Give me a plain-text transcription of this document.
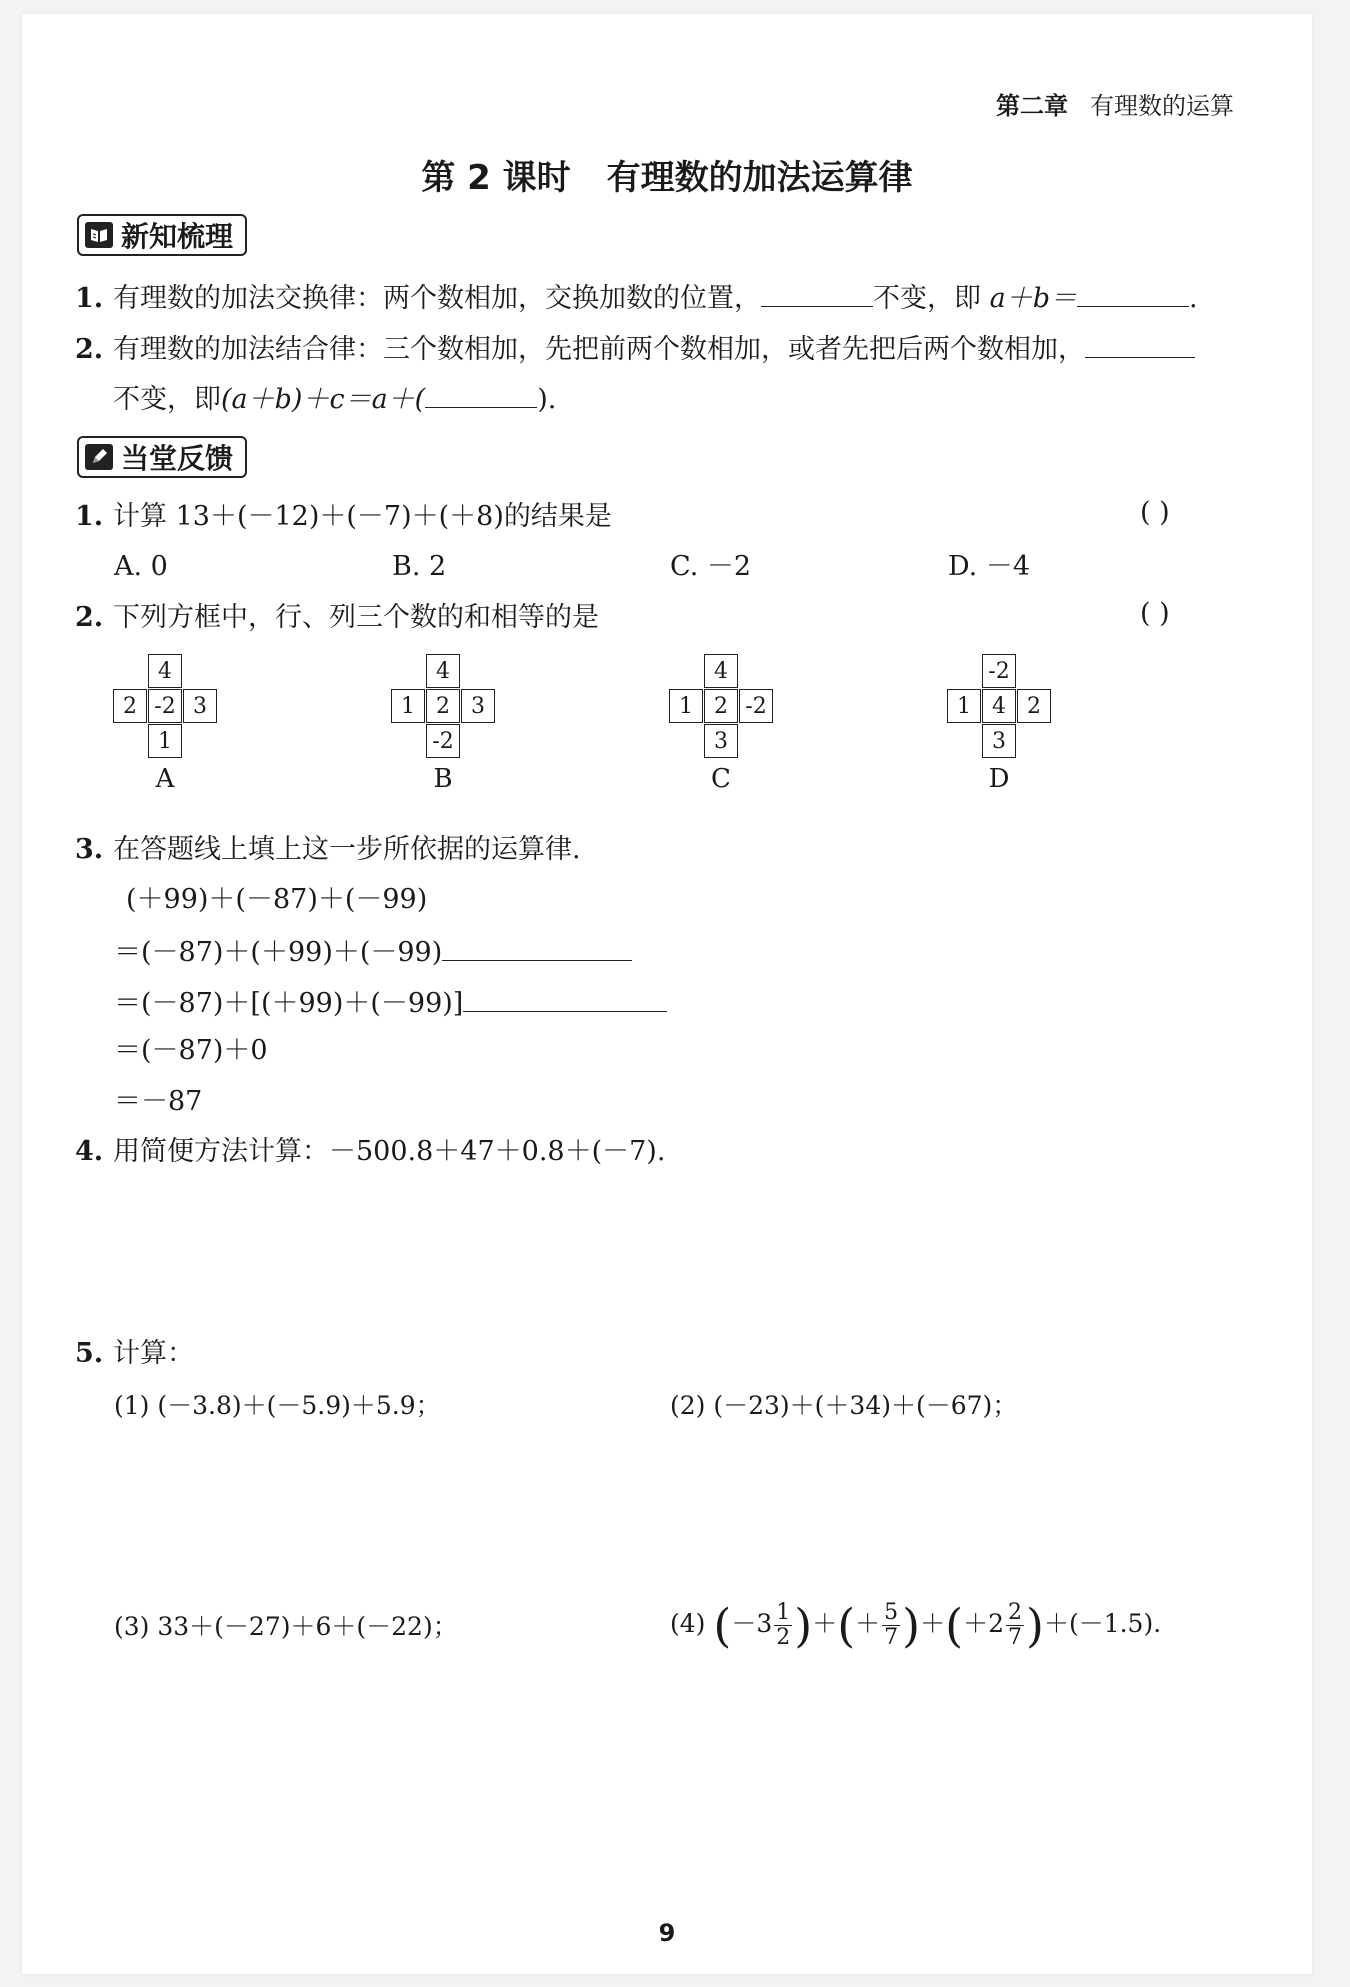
第二章 有理数的运算
第 2 课时 有理数的加法运算律
新知梳理
1. 有理数的加法交换律：两个数相加，交换加数的位置，	不变，即 a＋b＝	.
2. 有理数的加法结合律：三个数相加，先把前两个数相加，或者先把后两个数相加，
不变，即(a＋b)＋c＝a＋(	).
当堂反馈
1. 计算 13＋(－12)＋(－7)＋(＋8)的结果是	( )
A. 0	B. 2	C. －2	D. －4
2. 下列方框中，行、列三个数的和相等的是	( )
4
2 -2 3
1
A
4
1 2 3
-2
B
4
1 2 -2
3
C
-2
1 4 2
3
D
3. 在答题线上填上这一步所依据的运算律.
(＋99)＋(－87)＋(－99)
＝(－87)＋(＋99)＋(－99)
＝(－87)＋[(＋99)＋(－99)]
＝(－87)＋0
＝－87
4. 用简便方法计算：－500.8＋47＋0.8＋(－7).
5. 计算：
(1) (－3.8)＋(－5.9)＋5.9；	(2) (－23)＋(＋34)＋(－67)；
(3) 33＋(－27)＋6＋(－22)；	(4) ($-3 \frac{1}{2}$ )＋(＋ $\frac{5}{7} )+(+2 \frac{2}{7} )+(-1.5)$.
9
